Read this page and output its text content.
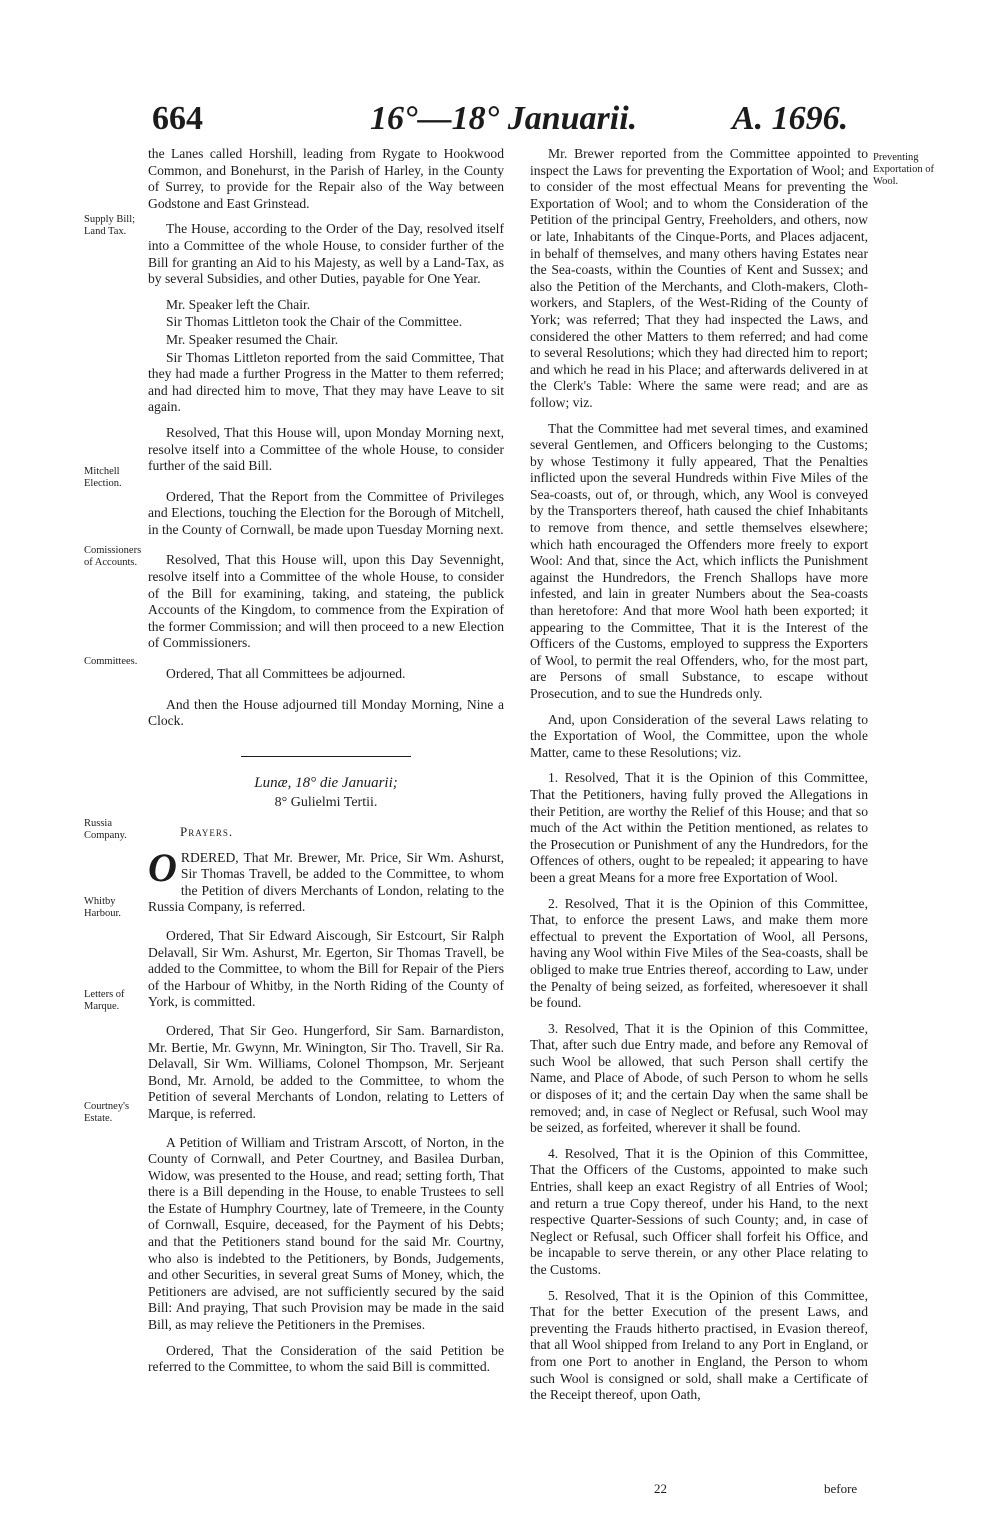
664	16°—18° Januarii.	A. 1696.
Supply Bill; Land Tax.
Mitchell Election.
Comissioners of Accounts.
Committees.
Russia Company.
Whitby Harbour.
Letters of Marque.
Courtney's Estate.
Preventing Exportation of Wool.

the Lanes called Horshill, leading from Rygate to Hookwood Common, and Bonehurst, in the Parish of Harley, in the County of Surrey, to provide for the Repair also of the Way between Godstone and East Grinstead.

The House, according to the Order of the Day, resolved itself into a Committee of the whole House, to consider further of the Bill for granting an Aid to his Majesty, as well by a Land-Tax, as by several Subsidies, and other Duties, payable for One Year.

Mr. Speaker left the Chair.

Sir Thomas Littleton took the Chair of the Committee.

Mr. Speaker resumed the Chair.

Sir Thomas Littleton reported from the said Committee, That they had made a further Progress in the Matter to them referred; and had directed him to move, That they may have Leave to sit again.

Resolved, That this House will, upon Monday Morning next, resolve itself into a Committee of the whole House, to consider further of the said Bill.

Ordered, That the Report from the Committee of Privileges and Elections, touching the Election for the Borough of Mitchell, in the County of Cornwall, be made upon Tuesday Morning next.

Resolved, That this House will, upon this Day Sevennight, resolve itself into a Committee of the whole House, to consider of the Bill for examining, taking, and stateing, the publick Accounts of the Kingdom, to commence from the Expiration of the former Commission; and will then proceed to a new Election of Commissioners.

Ordered, That all Committees be adjourned.

And then the House adjourned till Monday Morning, Nine a Clock.

Lunæ, 18° die Januarii;
8° Gulielmi Tertii.

Prayers.

ORDERED, That Mr. Brewer, Mr. Price, Sir Wm. Ashurst, Sir Thomas Travell, be added to the Committee, to whom the Petition of divers Merchants of London, relating to the Russia Company, is referred.

Ordered, That Sir Edward Aiscough, Sir Estcourt, Sir Ralph Delavall, Sir Wm. Ashurst, Mr. Egerton, Sir Thomas Travell, be added to the Committee, to whom the Bill for Repair of the Piers of the Harbour of Whitby, in the North Riding of the County of York, is committed.

Ordered, That Sir Geo. Hungerford, Sir Sam. Barnardiston, Mr. Bertie, Mr. Gwynn, Mr. Winington, Sir Tho. Travell, Sir Ra. Delavall, Sir Wm. Williams, Colonel Thompson, Mr. Serjeant Bond, Mr. Arnold, be added to the Committee, to whom the Petition of several Merchants of London, relating to Letters of Marque, is referred.

A Petition of William and Tristram Arscott, of Norton, in the County of Cornwall, and Peter Courtney, and Basilea Durban, Widow, was presented to the House, and read; setting forth, That there is a Bill depending in the House, to enable Trustees to sell the Estate of Humphry Courtney, late of Tremeere, in the County of Cornwall, Esquire, deceased, for the Payment of his Debts; and that the Petitioners stand bound for the said Mr. Courtny, who also is indebted to the Petitioners, by Bonds, Judgements, and other Securities, in several great Sums of Money, which, the Petitioners are advised, are not sufficiently secured by the said Bill: And praying, That such Provision may be made in the said Bill, as may relieve the Petitioners in the Premises.

Ordered, That the Consideration of the said Petition be referred to the Committee, to whom the said Bill is committed.

Mr. Brewer reported from the Committee appointed to inspect the Laws for preventing the Exportation of Wool; and to consider of the most effectual Means for preventing the Exportation of Wool; and to whom the Consideration of the Petition of the principal Gentry, Freeholders, and others, now or late, Inhabitants of the Cinque-Ports, and Places adjacent, in behalf of themselves, and many others having Estates near the Sea-coasts, within the Counties of Kent and Sussex; and also the Petition of the Merchants, and Cloth-makers, Cloth-workers, and Staplers, of the West-Riding of the County of York; was referred; That they had inspected the Laws, and considered the other Matters to them referred; and had come to several Resolutions; which they had directed him to report; and which he read in his Place; and afterwards delivered in at the Clerk's Table: Where the same were read; and are as follow; viz.

That the Committee had met several times, and examined several Gentlemen, and Officers belonging to the Customs; by whose Testimony it fully appeared, That the Penalties inflicted upon the several Hundreds within Five Miles of the Sea-coasts, out of, or through, which, any Wool is conveyed by the Transporters thereof, hath caused the chief Inhabitants to remove from thence, and settle themselves elsewhere; which hath encouraged the Offenders more freely to export Wool: And that, since the Act, which inflicts the Punishment against the Hundredors, the French Shallops have more infested, and lain in greater Numbers about the Sea-coasts than heretofore: And that more Wool hath been exported; it appearing to the Committee, That it is the Interest of the Officers of the Customs, employed to suppress the Exporters of Wool, to permit the real Offenders, who, for the most part, are Persons of small Substance, to escape without Prosecution, and to sue the Hundreds only.

And, upon Consideration of the several Laws relating to the Exportation of Wool, the Committee, upon the whole Matter, came to these Resolutions; viz.

1. Resolved, That it is the Opinion of this Committee, That the Petitioners, having fully proved the Allegations in their Petition, are worthy the Relief of this House; and that so much of the Act within the Petition mentioned, as relates to the Prosecution or Punishment of any the Hundredors, for the Offences of others, ought to be repealed; it appearing to have been a great Means for a more free Exportation of Wool.

2. Resolved, That it is the Opinion of this Committee, That, to enforce the present Laws, and make them more effectual to prevent the Exportation of Wool, all Persons, having any Wool within Five Miles of the Sea-coasts, shall be obliged to make true Entries thereof, according to Law, under the Penalty of being seized, as forfeited, wheresoever it shall be found.

3. Resolved, That it is the Opinion of this Committee, That, after such due Entry made, and before any Removal of such Wool be allowed, that such Person shall certify the Name, and Place of Abode, of such Person to whom he sells or disposes of it; and the certain Day when the same shall be removed; and, in case of Neglect or Refusal, such Wool may be seized, as forfeited, wherever it shall be found.

4. Resolved, That it is the Opinion of this Committee, That the Officers of the Customs, appointed to make such Entries, shall keep an exact Registry of all Entries of Wool; and return a true Copy thereof, under his Hand, to the next respective Quarter-Sessions of such County; and, in case of Neglect or Refusal, such Officer shall forfeit his Office, and be incapable to serve therein, or any other Place relating to the Customs.

5. Resolved, That it is the Opinion of this Committee, That for the better Execution of the present Laws, and preventing the Frauds hitherto practised, in Evasion thereof, that all Wool shipped from Ireland to any Port in England, or from one Port to another in England, the Person to whom such Wool is consigned or sold, shall make a Certificate of the Receipt thereof, upon Oath,

22	before
